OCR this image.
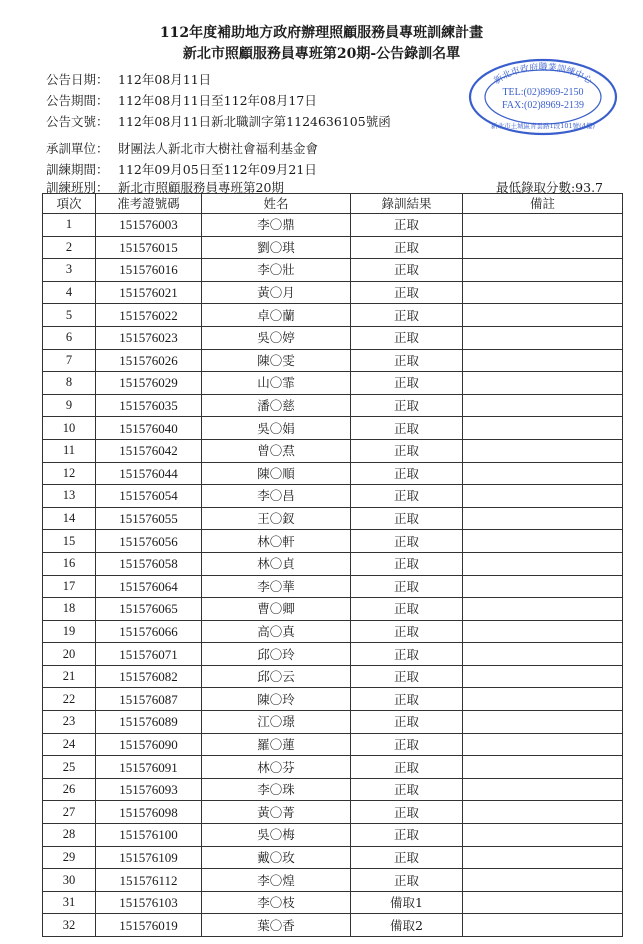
112年度補助地方政府辦理照顧服務員專班訓練計畫
新北市照顧服務員專班第20期-公告錄訓名單
公告日期： 112年08月11日
公告期間： 112年08月11日至112年08月17日
公告文號： 112年08月11日新北職訓字第1124636105號函
承訓單位： 財團法人新北市大樹社會福利基金會
訓練期間： 112年09月05日至112年09月21日
訓練班別： 新北市照顧服務員專班第20期	最低錄取分數:93.7
新北市政府職業訓練中心
TEL:(02)8969-2150
FAX:(02)8969-2139
新北市土城區青雲路1段101號(4樓)
項次	准考證號碼	姓名	錄訓結果	備註
1	151576003	李〇鼎	正取	
2	151576015	劉〇琪	正取	
3	151576016	李〇壯	正取	
4	151576021	黃〇月	正取	
5	151576022	卓〇蘭	正取	
6	151576023	吳〇婷	正取	
7	151576026	陳〇雯	正取	
8	151576029	山〇霏	正取	
9	151576035	潘〇慈	正取	
10	151576040	吳〇娟	正取	
11	151576042	曾〇焄	正取	
12	151576044	陳〇順	正取	
13	151576054	李〇昌	正取	
14	151576055	王〇釵	正取	
15	151576056	林〇軒	正取	
16	151576058	林〇貞	正取	
17	151576064	李〇華	正取	
18	151576065	曹〇卿	正取	
19	151576066	高〇真	正取	
20	151576071	邱〇玲	正取	
21	151576082	邱〇云	正取	
22	151576087	陳〇玲	正取	
23	151576089	江〇璟	正取	
24	151576090	羅〇蓮	正取	
25	151576091	林〇芬	正取	
26	151576093	李〇珠	正取	
27	151576098	黃〇菁	正取	
28	151576100	吳〇梅	正取	
29	151576109	戴〇玫	正取	
30	151576112	李〇煌	正取	
31	151576103	李〇枝	備取1	
32	151576019	葉〇香	備取2	
